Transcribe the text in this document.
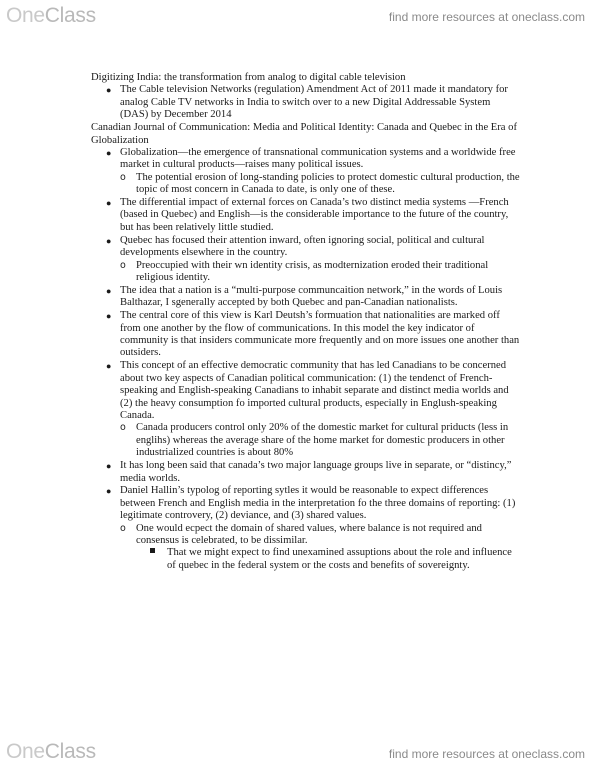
OneClass	find more resources at oneclass.com

Digitizing India: the transformation from analog to digital cable television

● The Cable television Networks (regulation) Amendment Act of 2011 made it mandatory for analog Cable TV networks in India to switch over to a new Digital Addressable System (DAS) by December 2014

Canadian Journal of Communication: Media and Political Identity: Canada and Quebec in the Era of Globalization

● Globalization—the emergence of transnational communication systems and a worldwide free market in cultural products—raises many political issues.
o The potential erosion of long-standing policies to protect domestic cultural production, the topic of most concern in Canada to date, is only one of these.
● The differential impact of external forces on Canada’s two distinct media systems —French (based in Quebec) and English—is the considerable importance to the future of the country, but has been relatively little studied.
● Quebec has focused their attention inward, often ignoring social, political and cultural developments elsewhere in the country.
o Preoccupied with their wn identity crisis, as modternization eroded their traditional religious identity.
● The idea that a nation is a “multi-purpose communcaition network,” in the words of Louis Balthazar, I sgenerally accepted by both Quebec and pan-Canadian nationalists.
● The central core of this view is Karl Deutsh’s formuation that nationalities are marked off from one another by the flow of communications. In this model the key indicator of community is that insiders communicate more frequently and on more issues one another than outsiders.
● This concept of an effective democratic community that has led Canadians to be concerned about two key aspects of Canadian political communication: (1) the tendenct of French-speaking and English-speaking Canadians to inhabit separate and distinct media worlds and (2) the heavy consumption fo imported cultural products, especially in Englush-speaking Canada.
o Canada producers control only 20% of the domestic market for cultural priducts (less in englihs) whereas the average share of the home market for domestic producers in other industrialized countries is about 80%
● It has long been said that canada’s two major language groups live in separate, or “distincy,” media worlds.
● Daniel Hallin’s typolog of reporting sytles it would be reasonable to expect differences between French and English media in the interpretation fo the three domains of reporting: (1) legitimate controvery, (2) deviance, and (3) shared values.
o One would ecpect the domain of shared values, where balance is not required and consensus is celebrated, to be dissimilar.
That we might expect to find unexamined assuptions about the role and influence of quebec in the federal system or the costs and benefits of sovereignty.
OneClass	find more resources at oneclass.com
